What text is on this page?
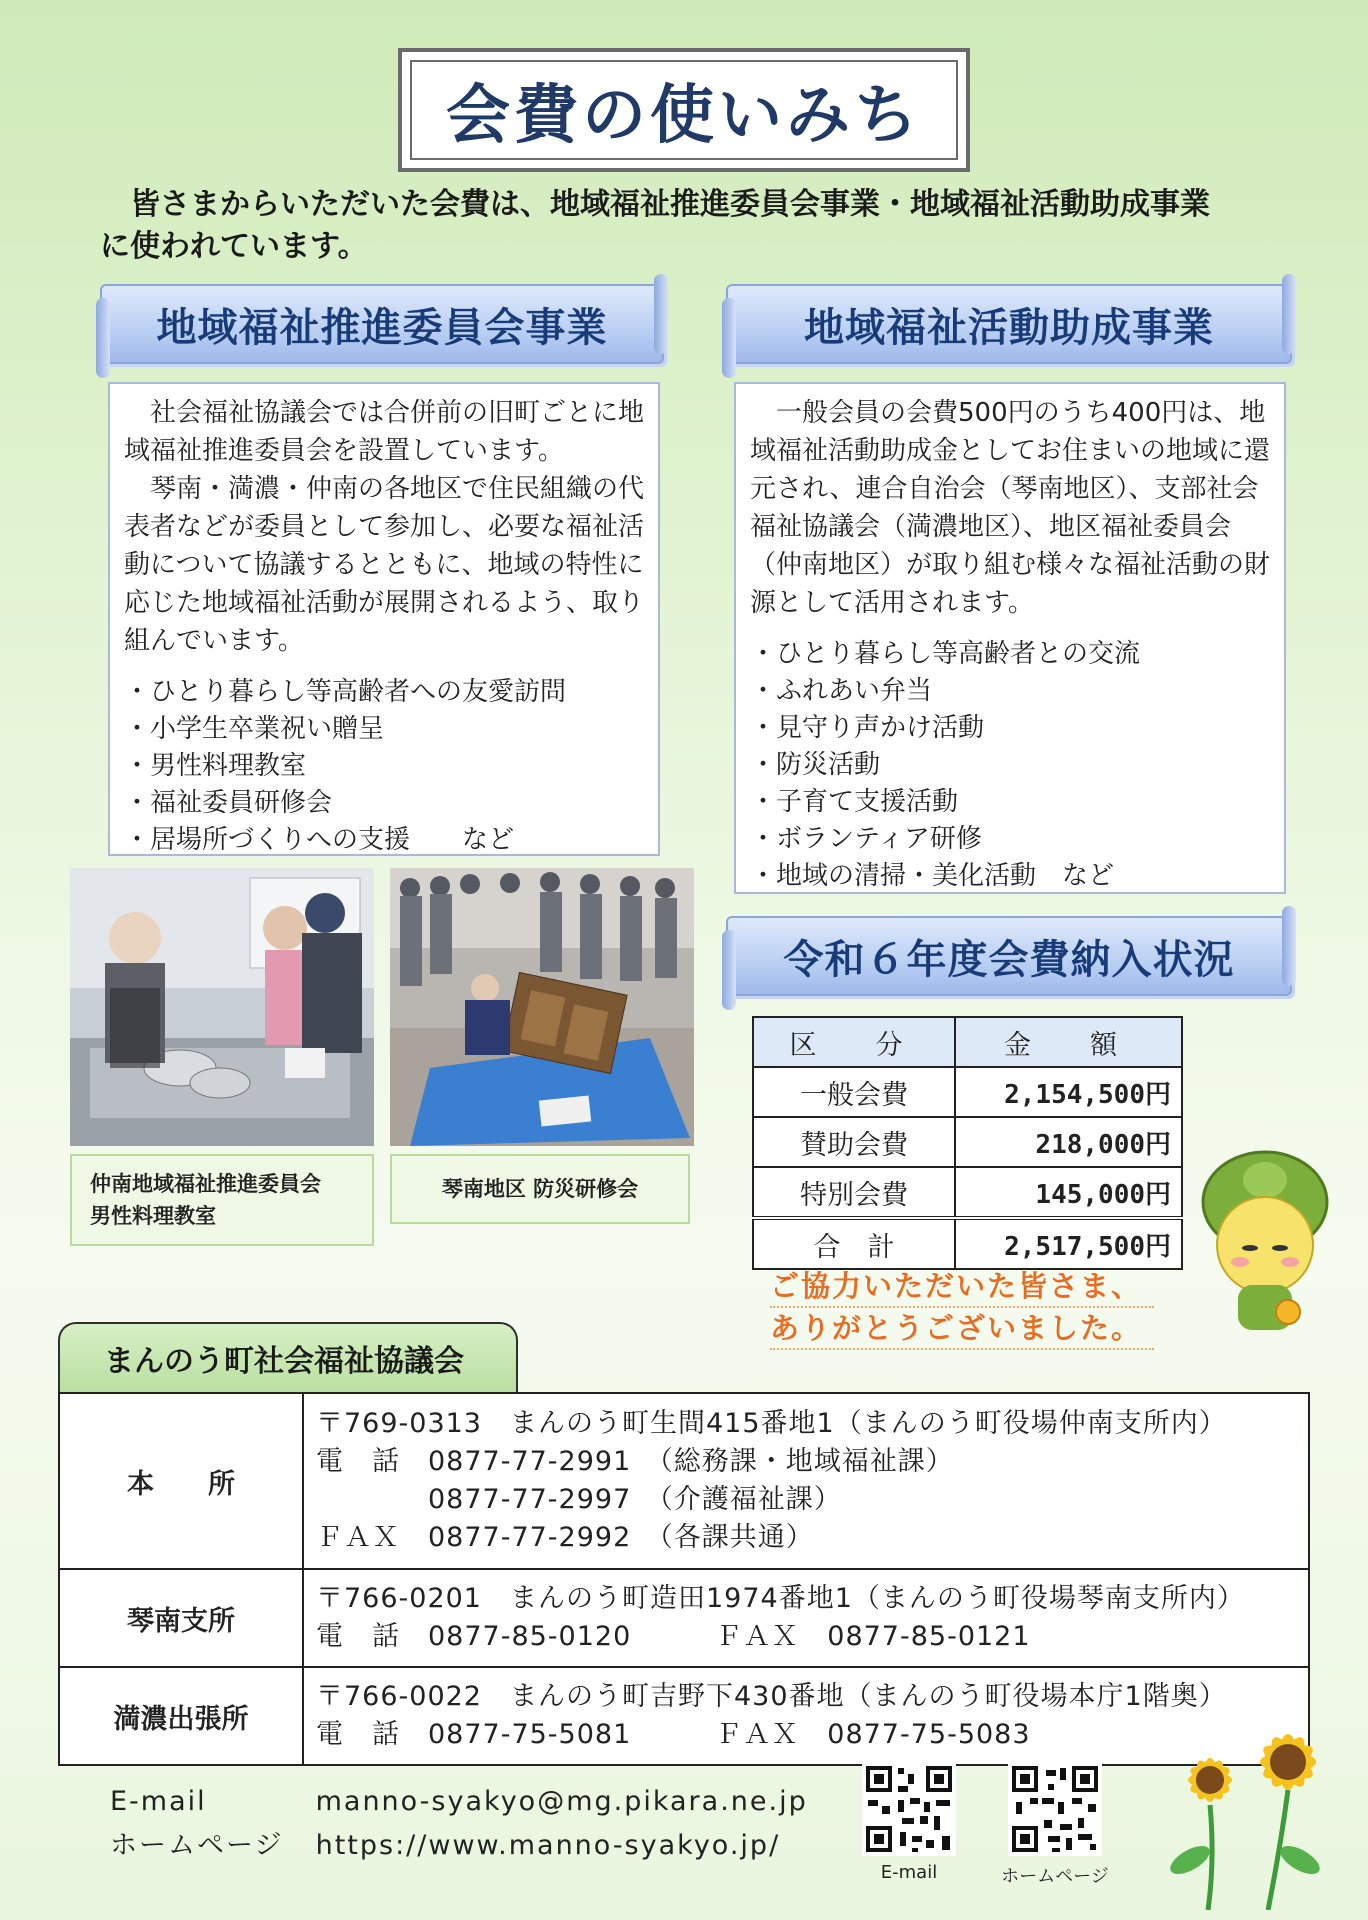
会費の使いみち
　皆さまからいただいた会費は、地域福祉推進委員会事業・地域福祉活動助成事業
に使われています。
地域福祉推進委員会事業

社会福祉協議会では合併前の旧町ごとに地域福祉推進委員会を設置しています。

琴南・満濃・仲南の各地区で住民組織の代表者などが委員として参加し、必要な福祉活動について協議するとともに、地域の特性に応じた地域福祉活動が展開されるよう、取り組んでいます。

・ ひとり暮らし等高齢者への友愛訪問
・ 小学生卒業祝い贈呈
・ 男性料理教室
・ 福祉委員研修会
・ 居場所づくりへの支援　　など
地域福祉活動助成事業

一般会員の会費500円のうち400円は、地域福祉活動助成金としてお住まいの地域に還元され、連合自治会（琴南地区）、支部社会福祉協議会（満濃地区）、地区福祉委員会（仲南地区）が取り組む様々な福祉活動の財源として活用されます。

・ ひとり暮らし等高齢者との交流
・ ふれあい弁当
・ 見守り声かけ活動
・ 防災活動
・ 子育て支援活動
・ ボランティア研修
・ 地域の清掃・美化活動　など
仲南地域福祉推進委員会
男性料理教室
琴南地区 防災研修会
令和６年度会費納入状況
区　分	金　額
一般会費	2,154,500円
賛助会費	218,000円
特別会費	145,000円
合　計	2,517,500円
ご協力いただいた皆さま、
ありがとうございました。
まんのう町社会福祉協議会
本　　所	〒769-0313　まんのう町生間415番地1（まんのう町役場仲南支所内）
電　話　0877-77-2991　（総務課・地域福祉課）
　　　　0877-77-2997　（介護福祉課）
ＦＡＸ　0877-77-2992　（各課共通）

琴南支所	〒766-0201　まんのう町造田1974番地1（まんのう町役場琴南支所内）
電　話　0877-85-0120　　　ＦＡＸ　0877-85-0121

満濃出張所	〒766-0022　まんのう町吉野下430番地（まんのう町役場本庁1階奥）
電　話　0877-75-5081　　　ＦＡＸ　0877-75-5083
E-mail	manno-syakyo@mg.pikara.ne.jp
ホームページ https://www.manno-syakyo.jp/
E-mail	ホームページ
